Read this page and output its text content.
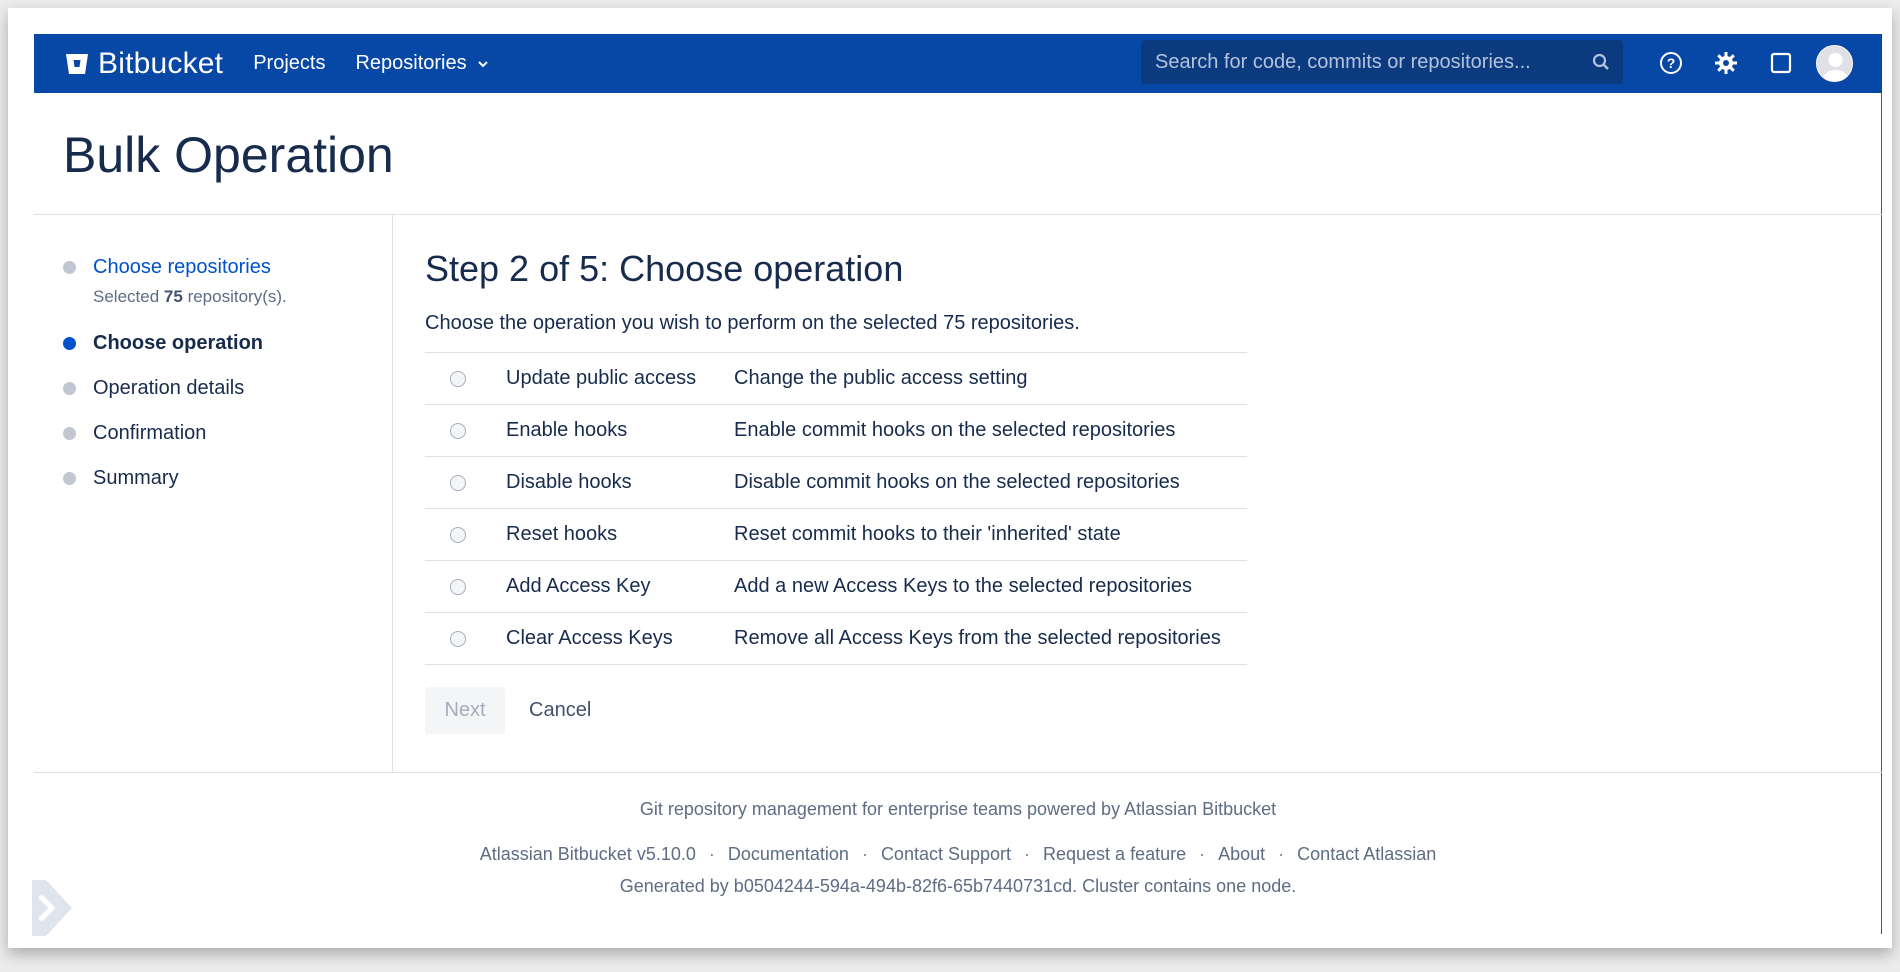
Bitbucket Projects Repositories
Search for code, commits or repositories...	?
Bulk Operation
Choose repositories
Selected 75 repository(s).
Choose operation
Operation details
Confirmation
Summary
Step 2 of 5: Choose operation

Choose the operation you wish to perform on the selected 75 repositories.

Update public access	Change the public access setting
Enable hooks	Enable commit hooks on the selected repositories
Disable hooks	Disable commit hooks on the selected repositories
Reset hooks	Reset commit hooks to their 'inherited' state
Add Access Key	Add a new Access Keys to the selected repositories
Clear Access Keys	Remove all Access Keys from the selected repositories
Next	Cancel
Git repository management for enterprise teams powered by Atlassian Bitbucket
Atlassian Bitbucket v5.10.0 · Documentation · Contact Support · Request a feature · About · Contact Atlassian
Generated by b0504244-594a-494b-82f6-65b7440731cd. Cluster contains one node.
